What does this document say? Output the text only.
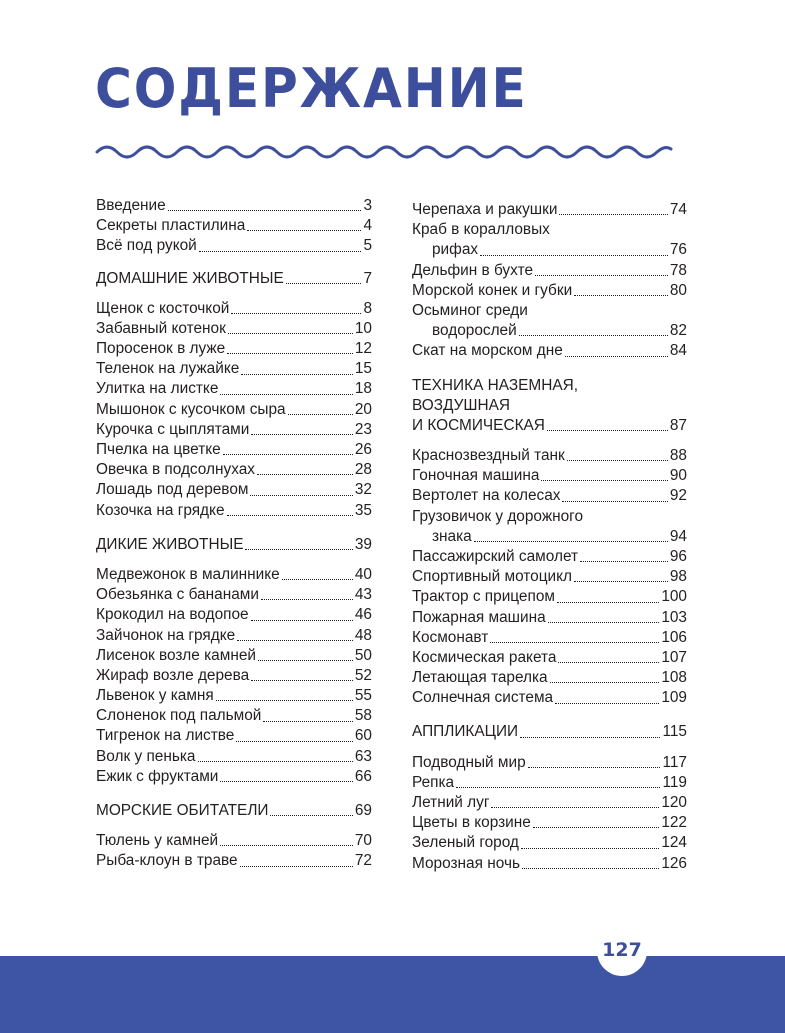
СОДЕРЖАНИЕ
Введение	3
Секреты пластилина	4
Всё под рукой	5
ДОМАШНИЕ ЖИВОТНЫЕ	7
Щенок с косточкой	8
Забавный котенок	10
Поросенок в луже	12
Теленок на лужайке	15
Улитка на листке	18
Мышонок с кусочком сыра	20
Курочка с цыплятами	23
Пчелка на цветке	26
Овечка в подсолнухах	28
Лошадь под деревом	32
Козочка на грядке	35
ДИКИЕ ЖИВОТНЫЕ	39
Медвежонок в малиннике	40
Обезьянка с бананами	43
Крокодил на водопое	46
Зайчонок на грядке	48
Лисенок возле камней	50
Жираф возле дерева	52
Львенок у камня	55
Слоненок под пальмой	58
Тигренок на листве	60
Волк у пенька	63
Ежик с фруктами	66
МОРСКИЕ ОБИТАТЕЛИ	69
Тюлень у камней	70
Рыба-клоун в траве	72
Черепаха и ракушки	74
Краб в коралловых
рифах	76
Дельфин в бухте	78
Морской конек и губки	80
Осьминог среди
водорослей	82
Скат на морском дне	84
ТЕХНИКА НАЗЕМНАЯ,
ВОЗДУШНАЯ
И КОСМИЧЕСКАЯ	87
Краснозвездный танк	88
Гоночная машина	90
Вертолет на колесах	92
Грузовичок у дорожного
знака	94
Пассажирский самолет	96
Спортивный мотоцикл	98
Трактор с прицепом	100
Пожарная машина	103
Космонавт	106
Космическая ракета	107
Летающая тарелка	108
Солнечная система	109
АППЛИКАЦИИ	115
Подводный мир	117
Репка	119
Летний луг	120
Цветы в корзине	122
Зеленый город	124
Морозная ночь	126
127
